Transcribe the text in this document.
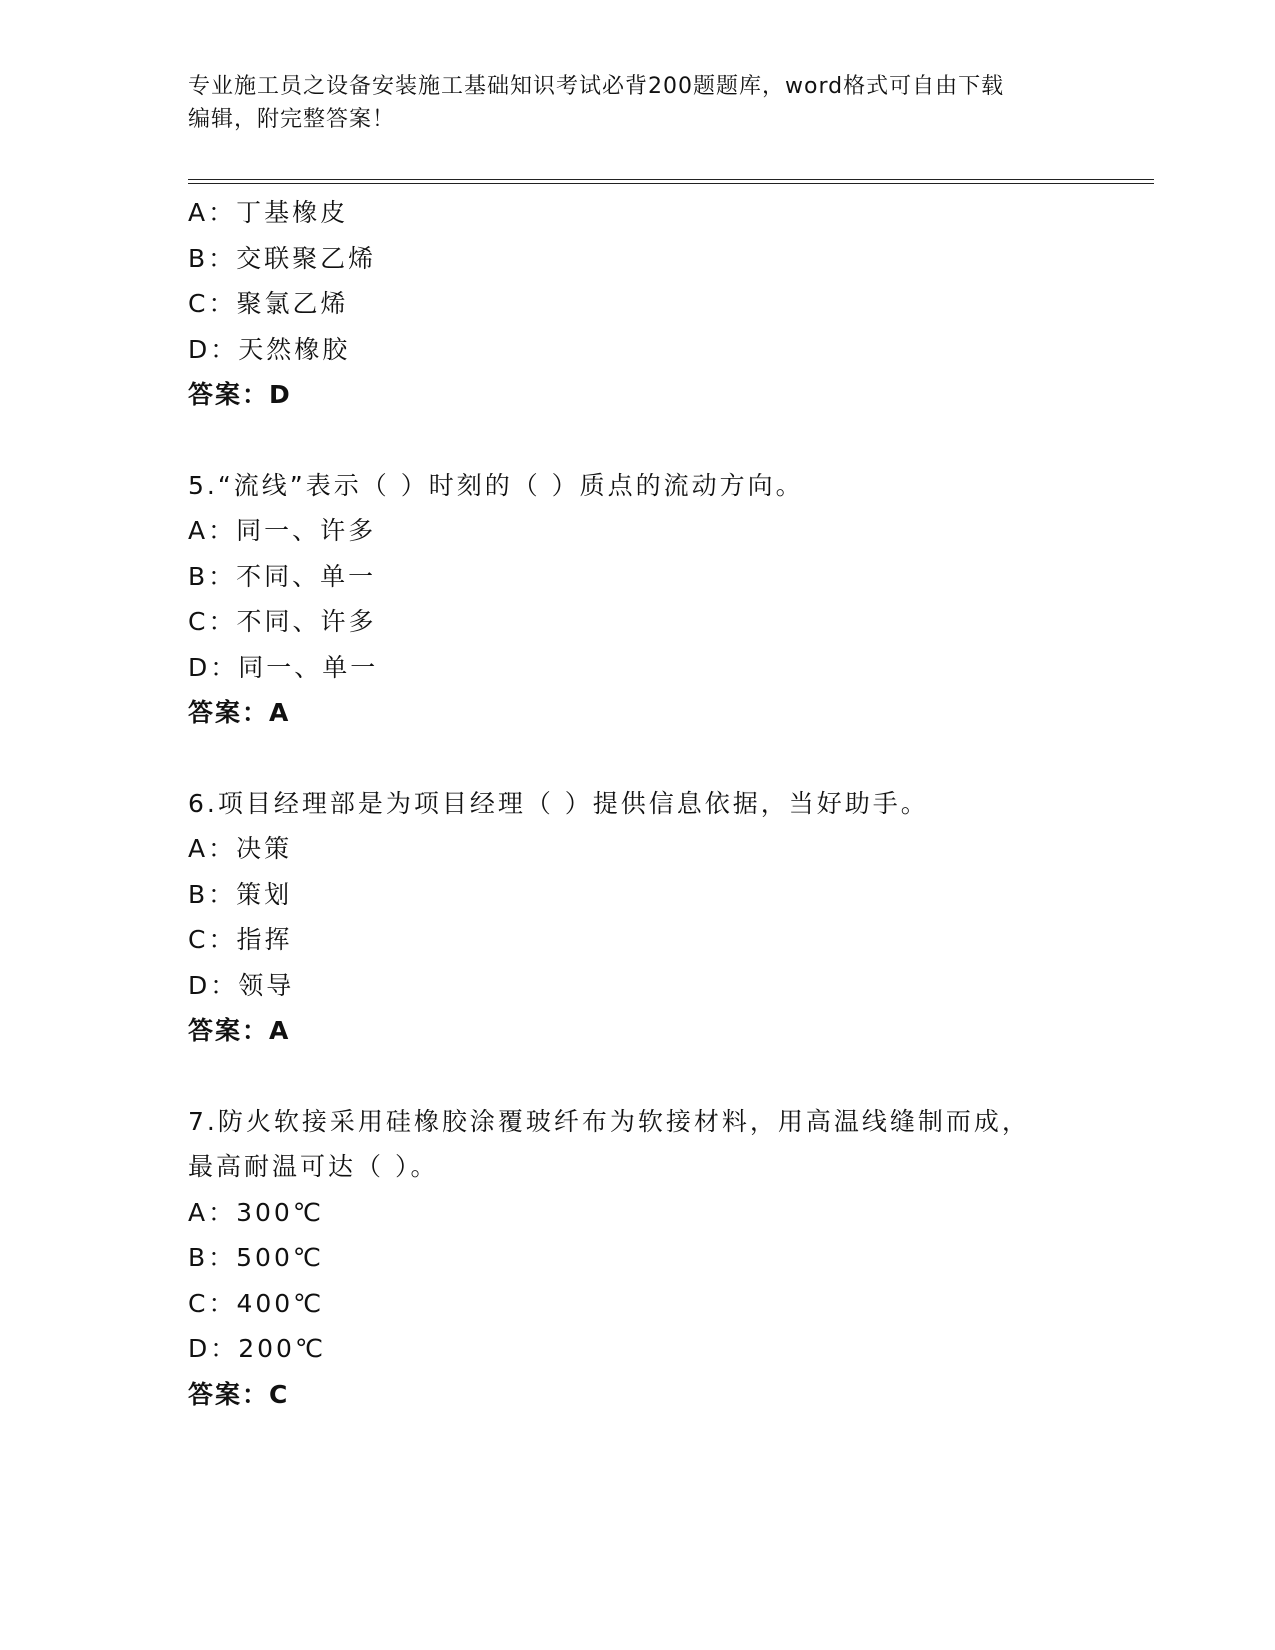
专业施工员之设备安装施工基础知识考试必背200题题库，word格式可自由下载
编辑，附完整答案！
A：丁基橡皮
B：交联聚乙烯
C：聚氯乙烯
D：天然橡胶
答案：D
5.“流线”表示（ ）时刻的（ ）质点的流动方向。
A：同一、许多
B：不同、单一
C：不同、许多
D：同一、单一
答案：A
6.项目经理部是为项目经理（ ）提供信息依据，当好助手。
A：决策
B：策划
C：指挥
D：领导
答案：A
7.防火软接采用硅橡胶涂覆玻纤布为软接材料，用高温线缝制而成，
最高耐温可达（ ）。
A：300℃
B：500℃
C：400℃
D：200℃
答案：C
